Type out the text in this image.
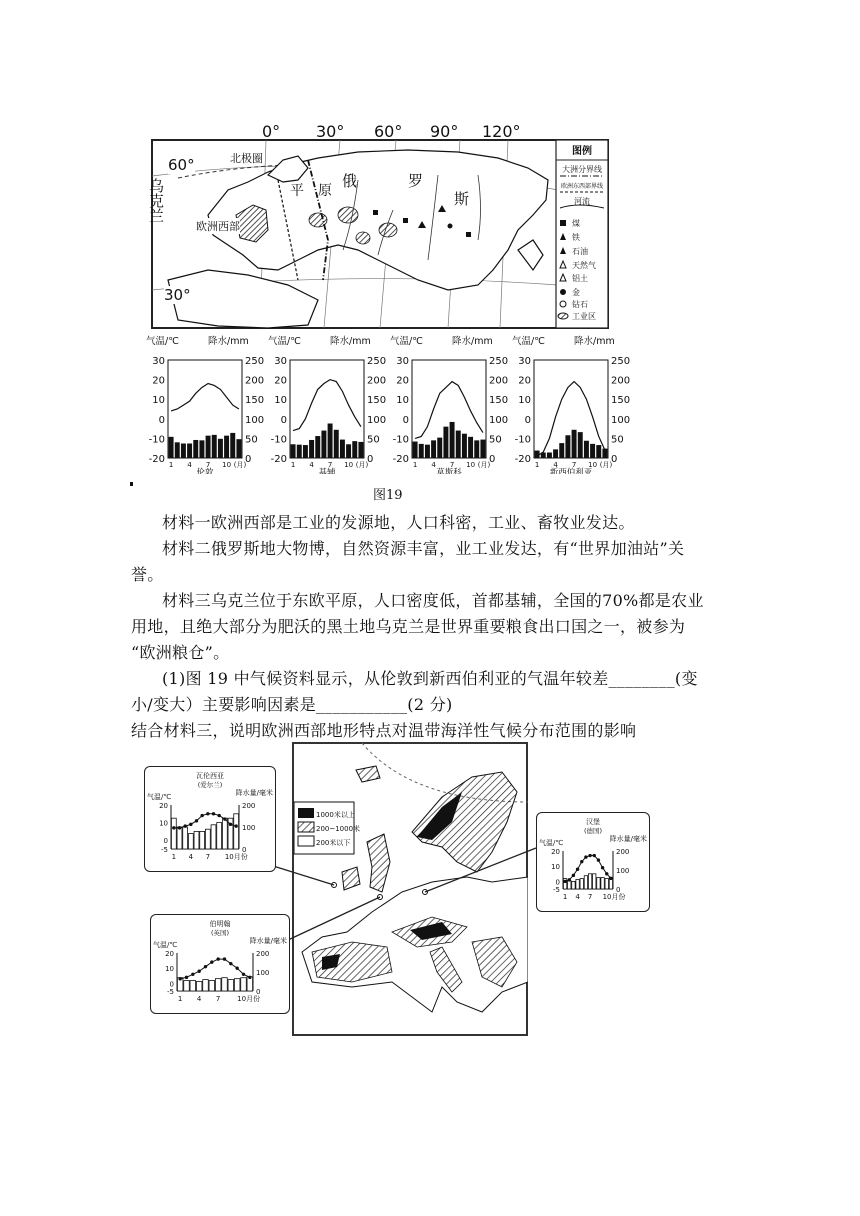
图例
大洲分界线
欧洲东西部界线
河流
煤
铁
石油
天然气
铝土
金
钻石
工业区
0° 30° 60° 90° 120°
60°
30°
北极圈
乌克兰
欧洲西部
平原
俄	罗
斯
气温/℃	降水/mm
30
20
10
0
-10
-20
250
200
150
100
50
0
1 4 7 10 (月)
伦敦
气温/℃	降水/mm
30
20
10
0
-10
-20
250
200
150
100
50
0
1 4 7 10 (月)
基辅
气温/℃	降水/mm
30
20
10
0
-10
-20
250
200
150
100
50
0
1 4 7 10 (月)
莫斯科
气温/℃	降水/mm
30
20
10
0
-10
-20
250
200
150
100
50
0
1 4 7 10 (月)
新西伯利亚
图19
材料一欧洲西部是工业的发源地，人口科密，工业、畜牧业发达。
材料二俄罗斯地大物博，自然资源丰富，业工业发达，有“世界加油站”关
誉。
材料三乌克兰位于东欧平原，人口密度低，首都基辅，全国的70%都是农业
用地，且绝大部分为肥沃的黑土地乌克兰是世界重要粮食出口国之一，被参为
“欧洲粮仓”。
(1)图 19 中气候资料显示，从伦敦到新西伯利亚的气温年较差________(变
小/变大）主要影响因素是___________(2 分)
结合材料三，说明欧洲西部地形特点对温带海洋性气候分布范围的影响
1000米以上
200~1000米
200米以下
瓦伦西亚
(爱尔兰)
气温/℃	降水量/毫米
20
10
0
-5
200
100
0
1 4 7 10月份
汉堡
(德国)
气温/℃	降水量/毫米
20
10
0
-5
200
100
0
1 4 7 10月份
伯明翰
(英国)
气温/℃	降水量/毫米
20
10
0
-5
200
100
0
1 4 7 10月份
